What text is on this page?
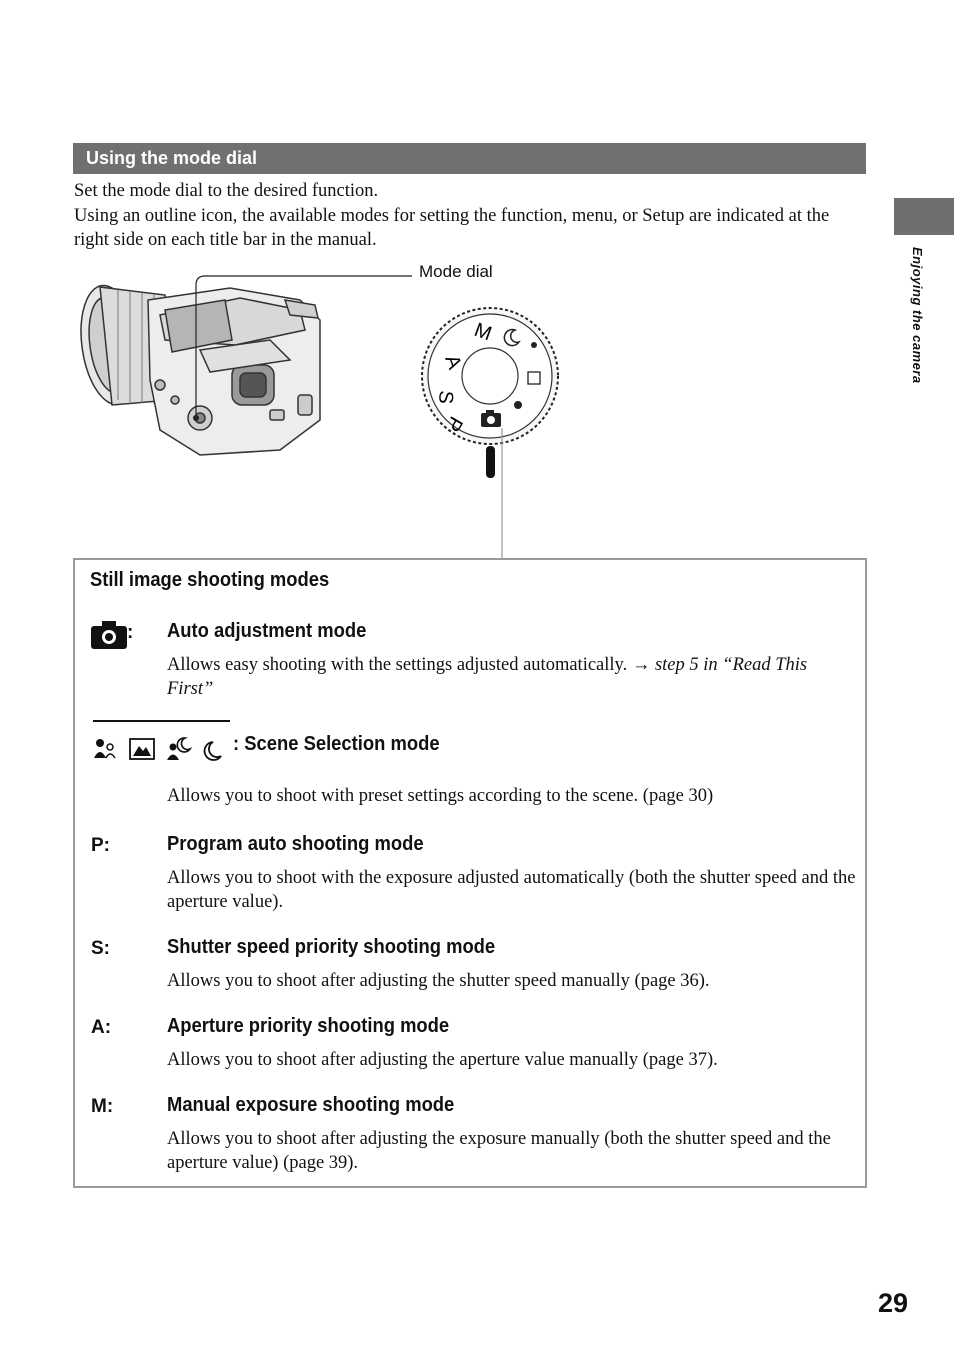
Using the mode dial

Set the mode dial to the desired function.

Using an outline icon, the available modes for setting the function, menu, or Setup are indicated at the right side on each title bar in the manual.

Enjoying the camera
M
A
S
P
Mode dial
Still image shooting modes
: Auto adjustment mode
Allows easy shooting with the settings adjusted automatically. → step 5 in “Read This First”
: Scene Selection mode
Allows you to shoot with preset settings according to the scene. (page 30)
P:	Program auto shooting mode
Allows you to shoot with the exposure adjusted automatically (both the shutter speed and the aperture value).
S:	Shutter speed priority shooting mode
Allows you to shoot after adjusting the shutter speed manually (page 36).
A:	Aperture priority shooting mode
Allows you to shoot after adjusting the aperture value manually (page 37).
M:	Manual exposure shooting mode
Allows you to shoot after adjusting the exposure manually (both the shutter speed and the aperture value) (page 39).
29
